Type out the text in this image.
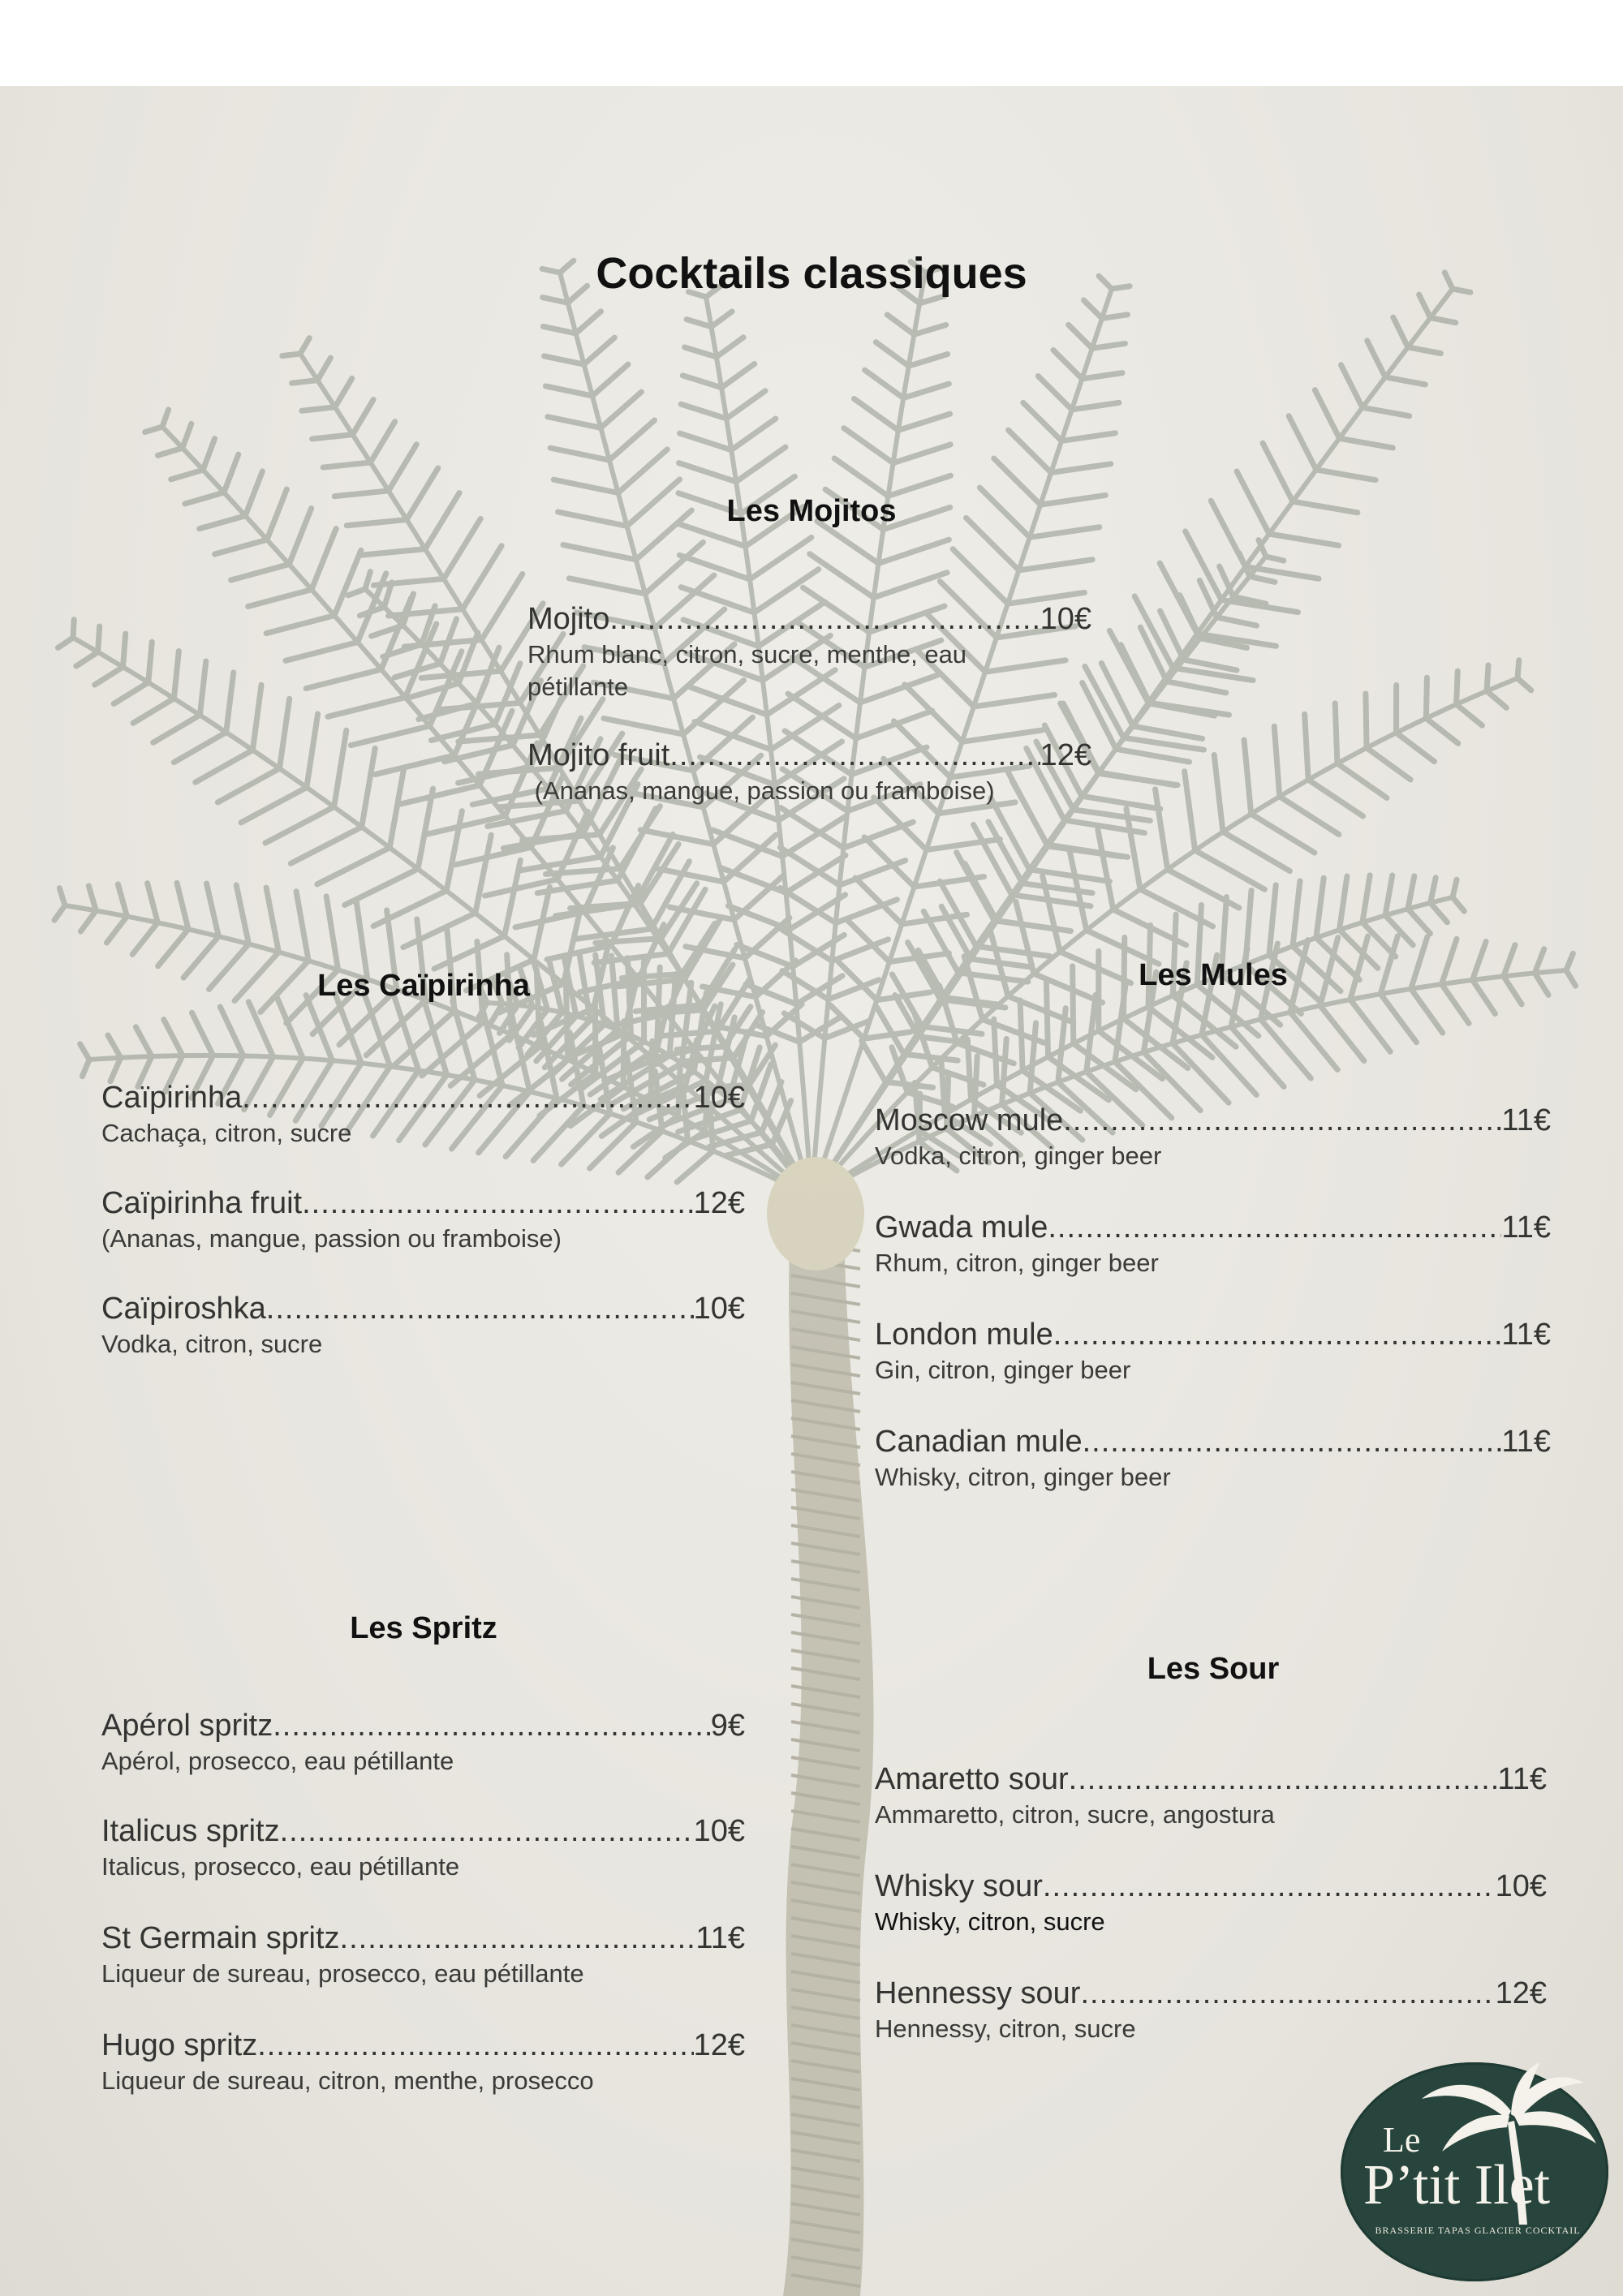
Cocktails classiques
Les Mojitos
Mojito .....	10€
Rhum blanc, citron, sucre, menthe, eau pétillante
Mojito fruit .....	12€
(Ananas, mangue, passion ou framboise)
Les Caïpirinha
Caïpirinha .....	10€
Cachaça, citron, sucre
Caïpirinha fruit .....	12€
(Ananas, mangue, passion ou framboise)
Caïpiroshka .....	10€
Vodka, citron, sucre
Les Mules
Moscow mule .....	11€
Vodka, citron, ginger beer
Gwada mule .....	11€
Rhum, citron, ginger beer
London mule .....	11€
Gin, citron, ginger beer
Canadian mule .....	11€
Whisky, citron, ginger beer
Les Spritz
Apérol spritz .....	9€
Apérol, prosecco, eau pétillante
Italicus spritz .....	10€
Italicus, prosecco, eau pétillante
St Germain spritz .....	11€
Liqueur de sureau, prosecco, eau pétillante
Hugo spritz .....	12€
Liqueur de sureau, citron, menthe, prosecco
Les Sour
Amaretto sour .....	11€
Ammaretto, citron, sucre, angostura
Whisky sour .....	10€
Whisky, citron, sucre
Hennessy sour .....	12€
Hennessy, citron, sucre
Le
P’tit Ilet
BRASSERIE TAPAS GLACIER COCKTAIL
